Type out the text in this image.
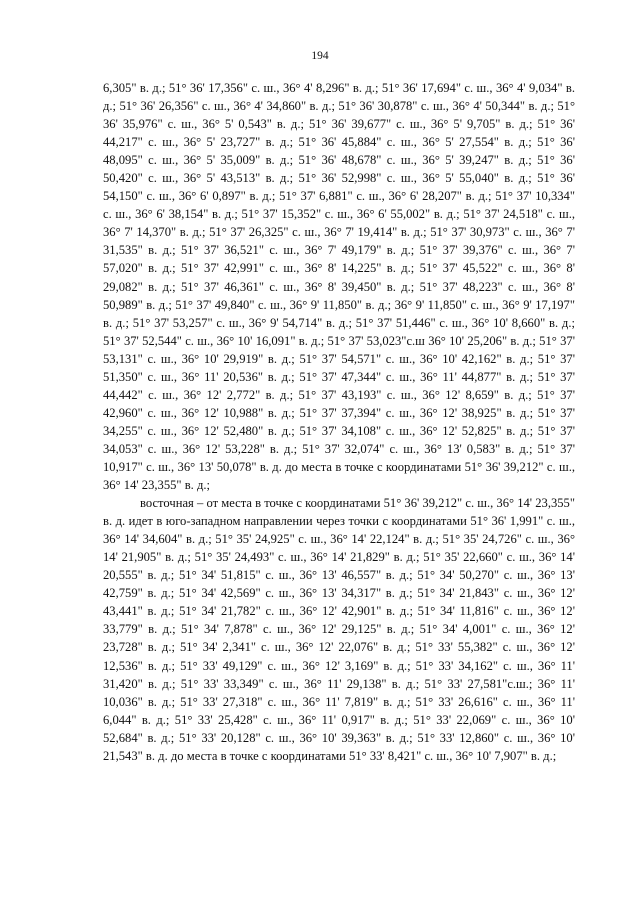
194

6,305" в. д.; 51° 36' 17,356" с. ш., 36° 4' 8,296" в. д.; 51° 36' 17,694" с. ш., 36° 4' 9,034" в. д.; 51° 36' 26,356" с. ш., 36° 4' 34,860" в. д.; 51° 36' 30,878" с. ш., 36° 4' 50,344" в. д.; 51° 36' 35,976" с. ш., 36° 5' 0,543" в. д.; 51° 36' 39,677" с. ш., 36° 5' 9,705" в. д.; 51° 36' 44,217" с. ш., 36° 5' 23,727" в. д.; 51° 36' 45,884" с. ш., 36° 5' 27,554" в. д.; 51° 36' 48,095" с. ш., 36° 5' 35,009" в. д.; 51° 36' 48,678" с. ш., 36° 5' 39,247" в. д.; 51° 36' 50,420" с. ш., 36° 5' 43,513" в. д.; 51° 36' 52,998" с. ш., 36° 5' 55,040" в. д.; 51° 36' 54,150" с. ш., 36° 6' 0,897" в. д.; 51° 37' 6,881" с. ш., 36° 6' 28,207" в. д.; 51° 37' 10,334" с. ш., 36° 6' 38,154" в. д.; 51° 37' 15,352" с. ш., 36° 6' 55,002" в. д.; 51° 37' 24,518" с. ш., 36° 7' 14,370" в. д.; 51° 37' 26,325" с. ш., 36° 7' 19,414" в. д.; 51° 37' 30,973" с. ш., 36° 7' 31,535" в. д.; 51° 37' 36,521" с. ш., 36° 7' 49,179" в. д.; 51° 37' 39,376" с. ш., 36° 7' 57,020" в. д.; 51° 37' 42,991" с. ш., 36° 8' 14,225" в. д.; 51° 37' 45,522" с. ш., 36° 8' 29,082" в. д.; 51° 37' 46,361" с. ш., 36° 8' 39,450" в. д.; 51° 37' 48,223" с. ш., 36° 8' 50,989" в. д.; 51° 37' 49,840" с. ш., 36° 9' 11,850" в. д.; 36° 9' 11,850" с. ш., 36° 9' 17,197" в. д.; 51° 37' 53,257" с. ш., 36° 9' 54,714" в. д.; 51° 37' 51,446" с. ш., 36° 10' 8,660" в. д.; 51° 37' 52,544" с. ш., 36° 10' 16,091" в. д.; 51° 37' 53,023"с.ш 36° 10' 25,206" в. д.; 51° 37' 53,131" с. ш., 36° 10' 29,919" в. д.; 51° 37' 54,571" с. ш., 36° 10' 42,162" в. д.; 51° 37' 51,350" с. ш., 36° 11' 20,536" в. д.; 51° 37' 47,344" с. ш., 36° 11' 44,877" в. д.; 51° 37' 44,442" с. ш., 36° 12' 2,772" в. д.; 51° 37' 43,193" с. ш., 36° 12' 8,659" в. д.; 51° 37' 42,960" с. ш., 36° 12' 10,988" в. д.; 51° 37' 37,394" с. ш., 36° 12' 38,925" в. д.; 51° 37' 34,255" с. ш., 36° 12' 52,480" в. д.; 51° 37' 34,108" с. ш., 36° 12' 52,825" в. д.; 51° 37' 34,053" с. ш., 36° 12' 53,228" в. д.; 51° 37' 32,074" с. ш., 36° 13' 0,583" в. д.; 51° 37' 10,917" с. ш., 36° 13' 50,078" в. д. до места в точке с координатами 51° 36' 39,212" с. ш., 36° 14' 23,355" в. д.;

восточная – от места в точке с координатами 51° 36' 39,212" с. ш., 36° 14' 23,355" в. д. идет в юго-западном направлении через точки с координатами 51° 36' 1,991" с. ш., 36° 14' 34,604" в. д.; 51° 35' 24,925" с. ш., 36° 14' 22,124" в. д.; 51° 35' 24,726" с. ш., 36° 14' 21,905" в. д.; 51° 35' 24,493" с. ш., 36° 14' 21,829" в. д.; 51° 35' 22,660" с. ш., 36° 14' 20,555" в. д.; 51° 34' 51,815" с. ш., 36° 13' 46,557" в. д.; 51° 34' 50,270" с. ш., 36° 13' 42,759" в. д.; 51° 34' 42,569" с. ш., 36° 13' 34,317" в. д.; 51° 34' 21,843" с. ш., 36° 12' 43,441" в. д.; 51° 34' 21,782" с. ш., 36° 12' 42,901" в. д.; 51° 34' 11,816" с. ш., 36° 12' 33,779" в. д.; 51° 34' 7,878" с. ш., 36° 12' 29,125" в. д.; 51° 34' 4,001" с. ш., 36° 12' 23,728" в. д.; 51° 34' 2,341" с. ш., 36° 12' 22,076" в. д.; 51° 33' 55,382" с. ш., 36° 12' 12,536" в. д.; 51° 33' 49,129" с. ш., 36° 12' 3,169" в. д.; 51° 33' 34,162" с. ш., 36° 11' 31,420" в. д.; 51° 33' 33,349" с. ш., 36° 11' 29,138" в. д.; 51° 33' 27,581"с.ш.; 36° 11' 10,036" в. д.; 51° 33' 27,318" с. ш., 36° 11' 7,819" в. д.; 51° 33' 26,616" с. ш., 36° 11' 6,044" в. д.; 51° 33' 25,428" с. ш., 36° 11' 0,917" в. д.; 51° 33' 22,069" с. ш., 36° 10' 52,684" в. д.; 51° 33' 20,128" с. ш., 36° 10' 39,363" в. д.; 51° 33' 12,860" с. ш., 36° 10' 21,543" в. д. до места в точке с координатами 51° 33' 8,421" с. ш., 36° 10' 7,907" в. д.;
